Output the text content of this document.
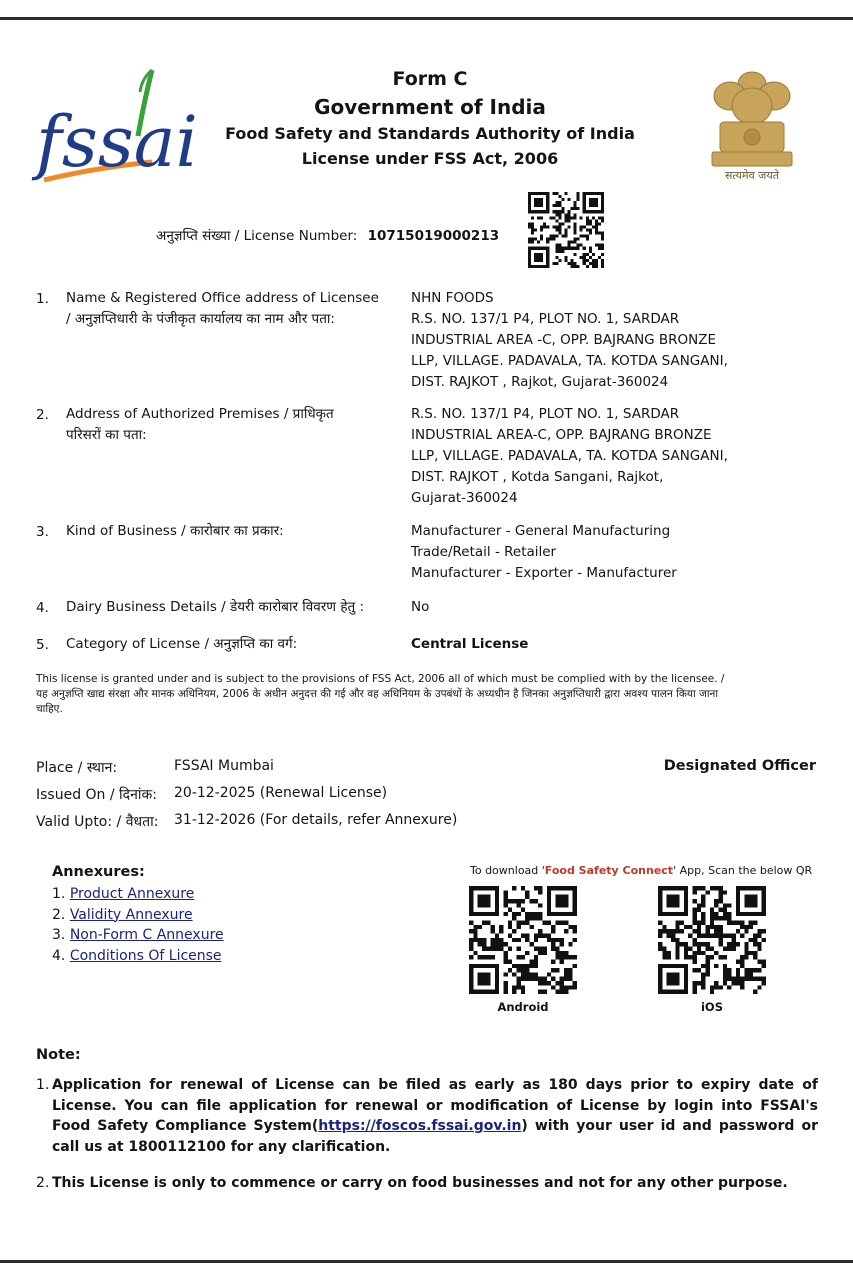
fssai
Form C
Government of India
Food Safety and Standards Authority of India
License under FSS Act, 2006
सत्यमेव जयते
अनुज्ञप्ति संख्या / License Number: 10715019000213
1.	Name & Registered Office address of Licensee / अनुज्ञप्तिधारी के पंजीकृत कार्यालय का नाम और पता:
NHN FOODS
R.S. NO. 137/1 P4, PLOT NO. 1, SARDAR
INDUSTRIAL AREA -C, OPP. BAJRANG BRONZE
LLP, VILLAGE. PADAVALA, TA. KOTDA SANGANI,
DIST. RAJKOT , Rajkot, Gujarat-360024
2.	Address of Authorized Premises / प्राधिकृत परिसरों का पता:
R.S. NO. 137/1 P4, PLOT NO. 1, SARDAR
INDUSTRIAL AREA-C, OPP. BAJRANG BRONZE
LLP, VILLAGE. PADAVALA, TA. KOTDA SANGANI,
DIST. RAJKOT , Kotda Sangani, Rajkot,
Gujarat-360024
3.	Kind of Business / कारोबार का प्रकार:	Manufacturer - General Manufacturing
Trade/Retail - Retailer
Manufacturer - Exporter - Manufacturer
4.	Dairy Business Details / डेयरी कारोबार विवरण हेतु :	No
5.	Category of License / अनुज्ञप्ति का वर्ग:	Central License
This license is granted under and is subject to the provisions of FSS Act, 2006 all of which must be complied with by the licensee. / यह अनुज्ञप्ति खाद्य संरक्षा और मानक अधिनियम, 2006 के अधीन अनुदत्त की गई और वह अधिनियम के उपबंधों के अध्यधीन है जिनका अनुज्ञप्तिधारी द्वारा अवश्य पालन किया जाना चाहिए.
Place / स्थान:	FSSAI Mumbai
Issued On / दिनांक: 20-12-2025 (Renewal License)
Valid Upto: / वैधता: 31-12-2026 (For details, refer Annexure)
Designated Officer
Annexures:
1. Product Annexure
2. Validity Annexure
3. Non-Form C Annexure
4. Conditions Of License
To download 'Food Safety Connect' App, Scan the below QR
Android	iOS
Note:
1. Application for renewal of License can be filed as early as 180 days prior to expiry date of License. You can file application for renewal or modification of License by login into FSSAI's Food Safety Compliance System(https://foscos.fssai.gov.in) with your user id and password or call us at 1800112100 for any clarification.
2. This License is only to commence or carry on food businesses and not for any other purpose.
